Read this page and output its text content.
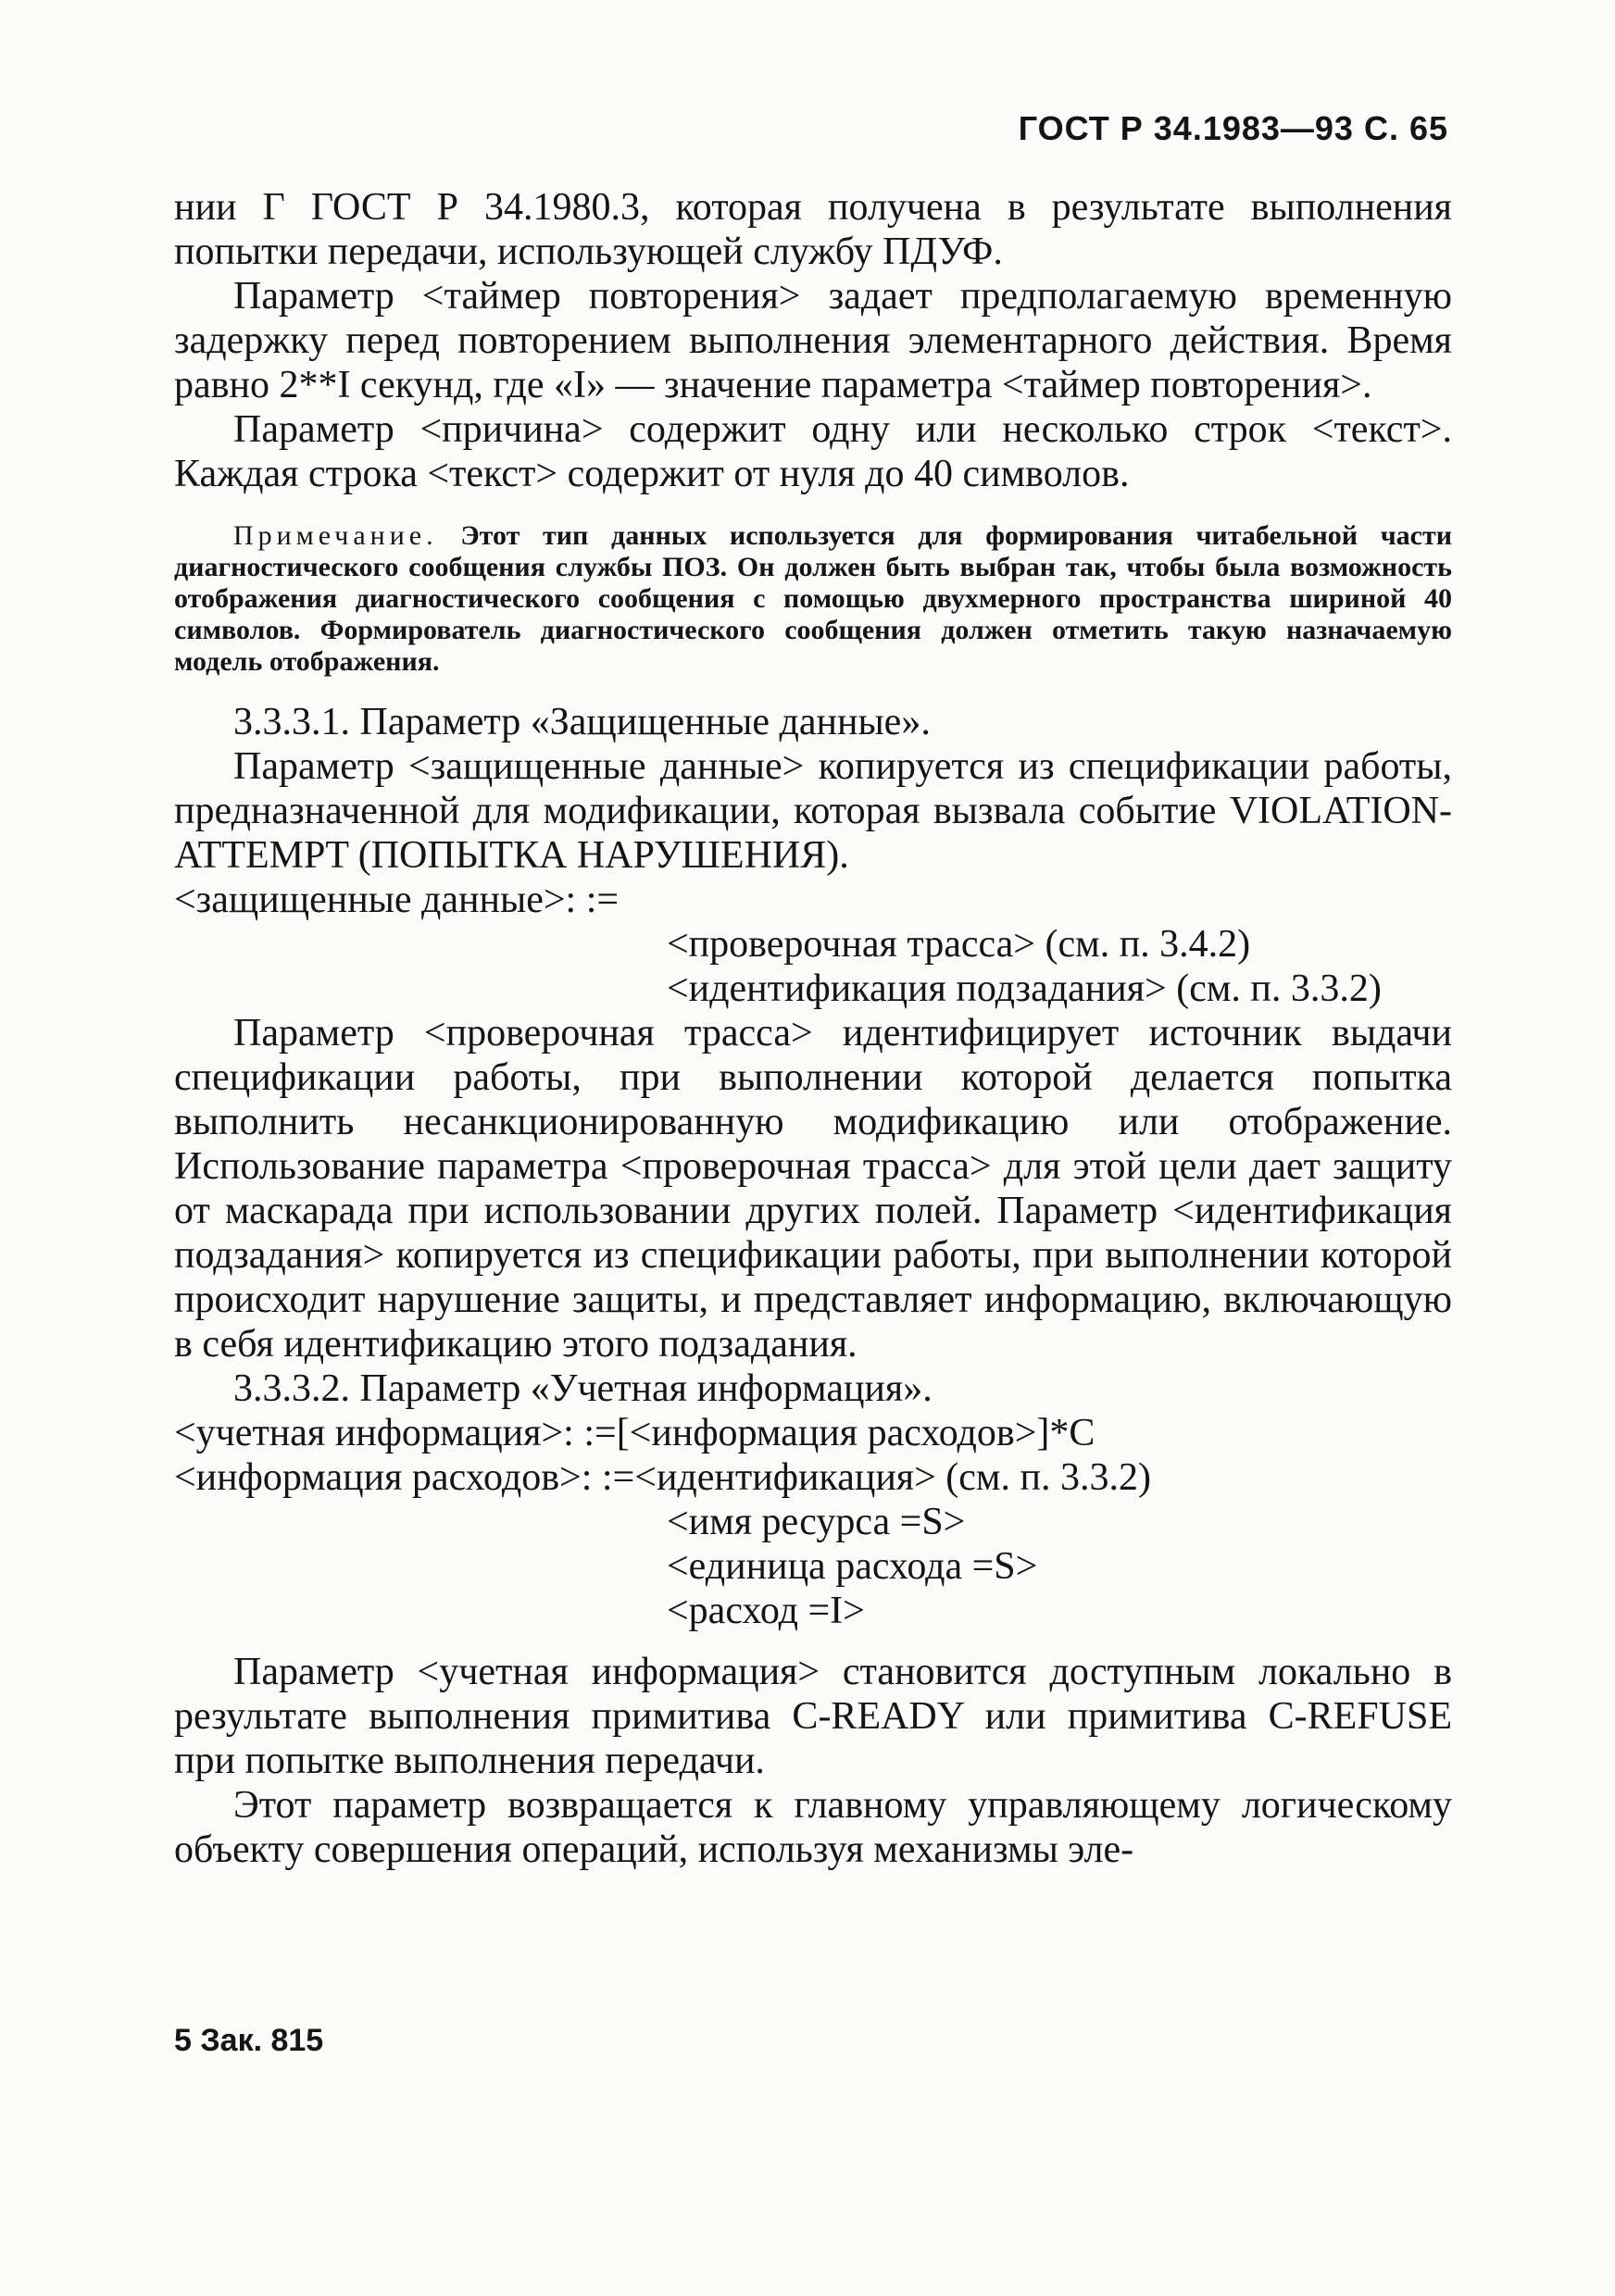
ГОСТ Р 34.1983—93 С. 65

нии Г ГОСТ Р 34.1980.3, которая получена в результате выполнения попытки передачи, использующей службу ПДУФ.

Параметр <таймер повторения> задает предполагаемую временную задержку перед повторением выполнения элементарного действия. Время равно 2**I секунд, где «I» — значение параметра <таймер повторения>.

Параметр <причина> содержит одну или несколько строк <текст>. Каждая строка <текст> содержит от нуля до 40 символов.

Примечание. Этот тип данных используется для формирования читабельной части диагностического сообщения службы ПОЗ. Он должен быть выбран так, чтобы была возможность отображения диагностического сообщения с помощью двухмерного пространства шириной 40 символов. Формирователь диагностического сообщения должен отметить такую назначаемую модель отображения.

3.3.3.1. Параметр «Защищенные данные».

Параметр <защищенные данные> копируется из спецификации работы, предназначенной для модификации, которая вызвала событие VIOLATION-ATTEMPT (ПОПЫТКА НАРУШЕНИЯ).

<защищенные данные>: :=

<проверочная трасса> (см. п. 3.4.2)

<идентификация подзадания> (см. п. 3.3.2)

Параметр <проверочная трасса> идентифицирует источник выдачи спецификации работы, при выполнении которой делается попытка выполнить несанкционированную модификацию или отображение. Использование параметра <проверочная трасса> для этой цели дает защиту от маскарада при использовании других полей. Параметр <идентификация подзадания> копируется из спецификации работы, при выполнении которой происходит нарушение защиты, и представляет информацию, включающую в себя идентификацию этого подзадания.

3.3.3.2. Параметр «Учетная информация».

<учетная информация>: :=[<информация расходов>]*C

<информация расходов>: :=<идентификация> (см. п. 3.3.2)

<имя ресурса =S>

<единица расхода =S>

<расход =I>

Параметр <учетная информация> становится доступным локально в результате выполнения примитива C-READY или примитива C-REFUSE при попытке выполнения передачи.

Этот параметр возвращается к главному управляющему логическому объекту совершения операций, используя механизмы эле-

5 Зак. 815
